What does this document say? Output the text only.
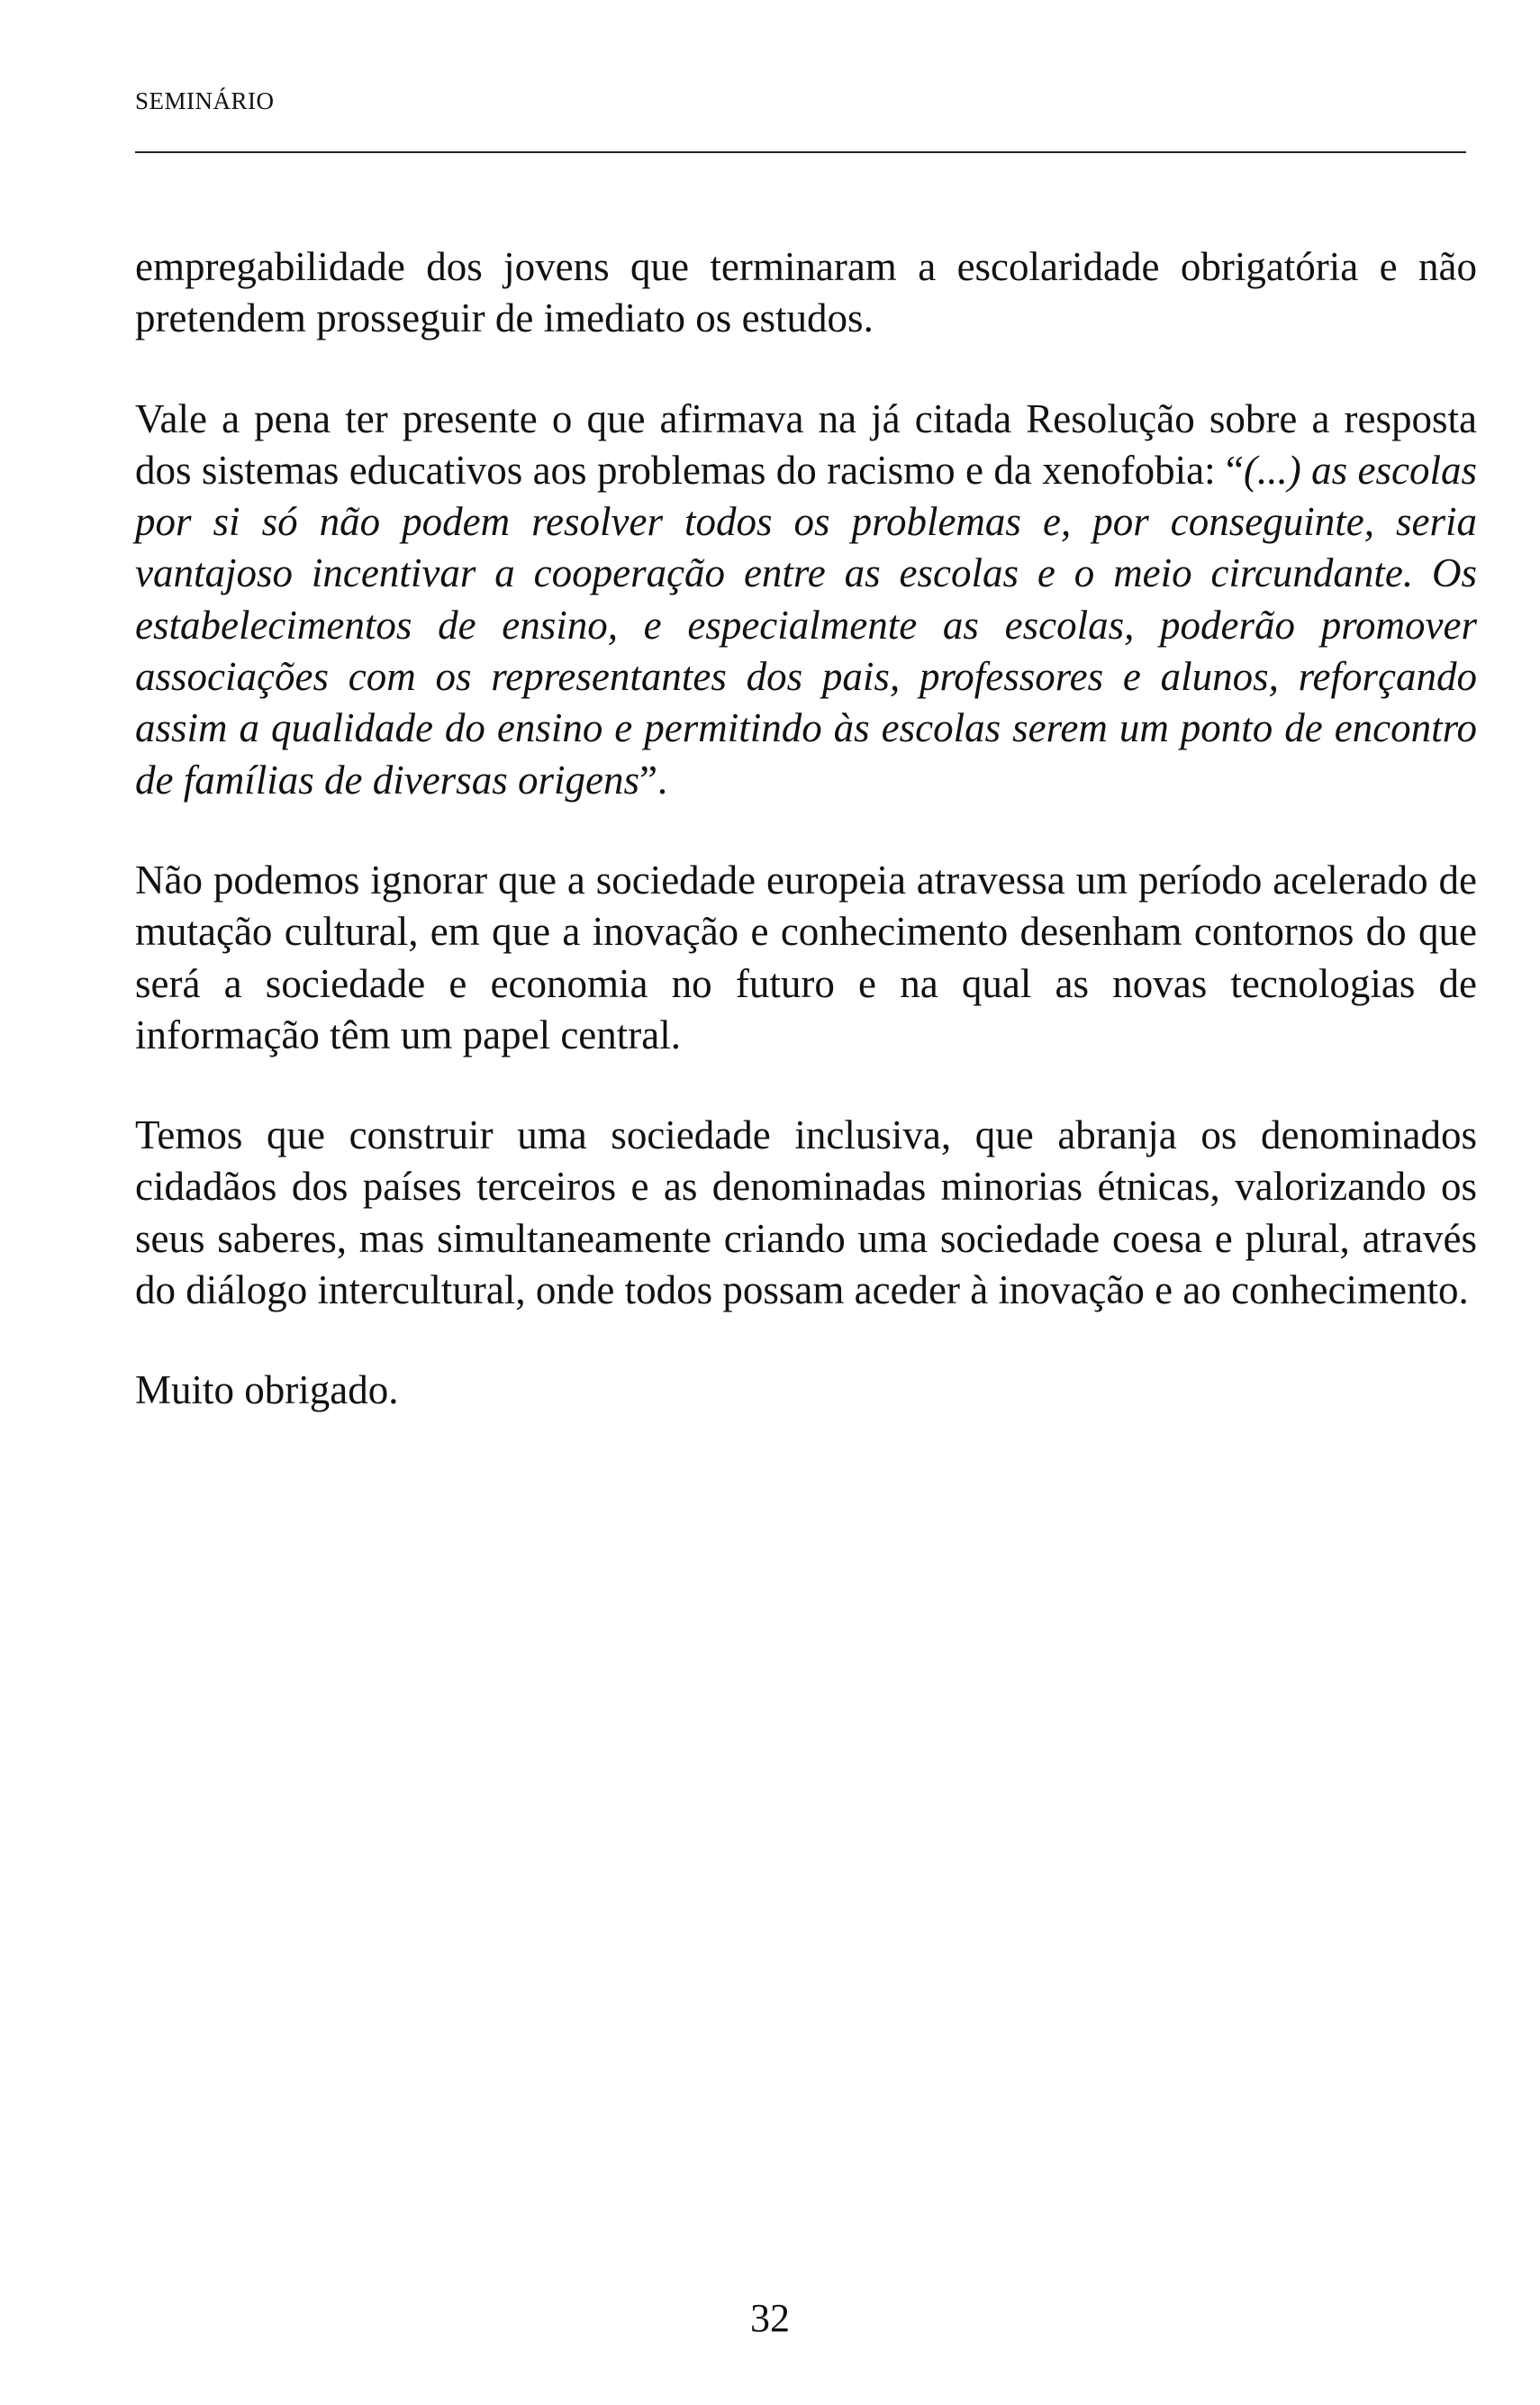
SEMINÁRIO

empregabilidade dos jovens que terminaram a escolaridade obrigatória e não pretendem prosseguir de imediato os estudos.

Vale a pena ter presente o que afirmava na já citada Resolução sobre a resposta dos sistemas educativos aos problemas do racismo e da xenofobia: “(...) as escolas por si só não podem resolver todos os problemas e, por conseguinte, seria vantajoso incentivar a cooperação entre as escolas e o meio circundante. Os estabelecimentos de ensino, e especialmente as escolas, poderão promover associações com os representantes dos pais, professores e alunos, reforçando assim a qualidade do ensino e permitindo às escolas serem um ponto de encontro de famílias de diversas origens”.

Não podemos ignorar que a sociedade europeia atravessa um período acelerado de mutação cultural, em que a inovação e conhecimento desenham contornos do que será a sociedade e economia no futuro e na qual as novas tecnologias de informação têm um papel central.

Temos que construir uma sociedade inclusiva, que abranja os denominados cidadãos dos países terceiros e as denominadas minorias étnicas, valorizando os seus saberes, mas simultaneamente criando uma sociedade coesa e plural, através do diálogo intercultural, onde todos possam aceder à inovação e ao conhecimento.

Muito obrigado.

32
